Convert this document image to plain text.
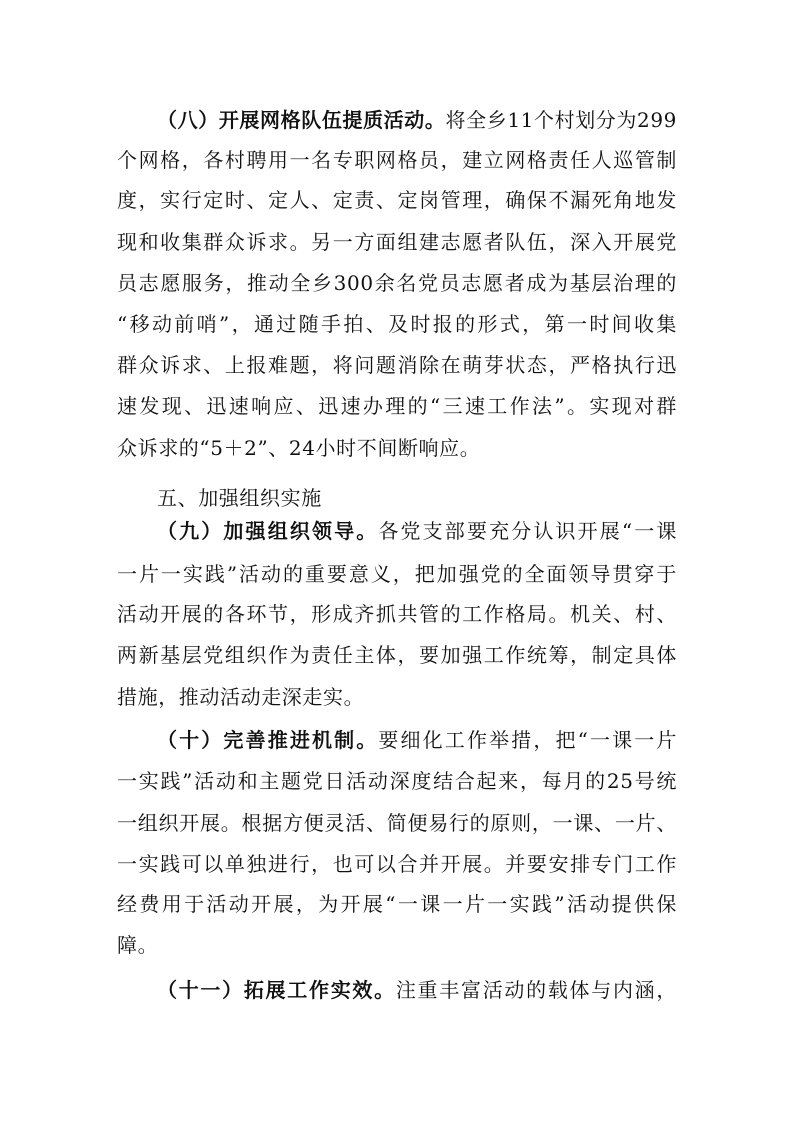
（八）开展网格队伍提质活动。将全乡11个村划分为299
个网格，各村聘用一名专职网格员，建立网格责任人巡管制
度，实行定时、定人、定责、定岗管理，确保不漏死角地发
现和收集群众诉求。另一方面组建志愿者队伍，深入开展党
员志愿服务，推动全乡300余名党员志愿者成为基层治理的
“移动前哨”，通过随手拍、及时报的形式，第一时间收集
群众诉求、上报难题，将问题消除在萌芽状态，严格执行迅
速发现、迅速响应、迅速办理的“三速工作法”。实现对群
众诉求的“5＋2”、24小时不间断响应。
五、加强组织实施
（九）加强组织领导。各党支部要充分认识开展“一课
一片一实践”活动的重要意义，把加强党的全面领导贯穿于
活动开展的各环节，形成齐抓共管的工作格局。机关、村、
两新基层党组织作为责任主体，要加强工作统筹，制定具体
措施，推动活动走深走实。
（十）完善推进机制。要细化工作举措，把“一课一片
一实践”活动和主题党日活动深度结合起来，每月的25号统
一组织开展。根据方便灵活、简便易行的原则，一课、一片、
一实践可以单独进行，也可以合并开展。并要安排专门工作
经费用于活动开展，为开展“一课一片一实践”活动提供保
障。
（十一）拓展工作实效。注重丰富活动的载体与内涵，
